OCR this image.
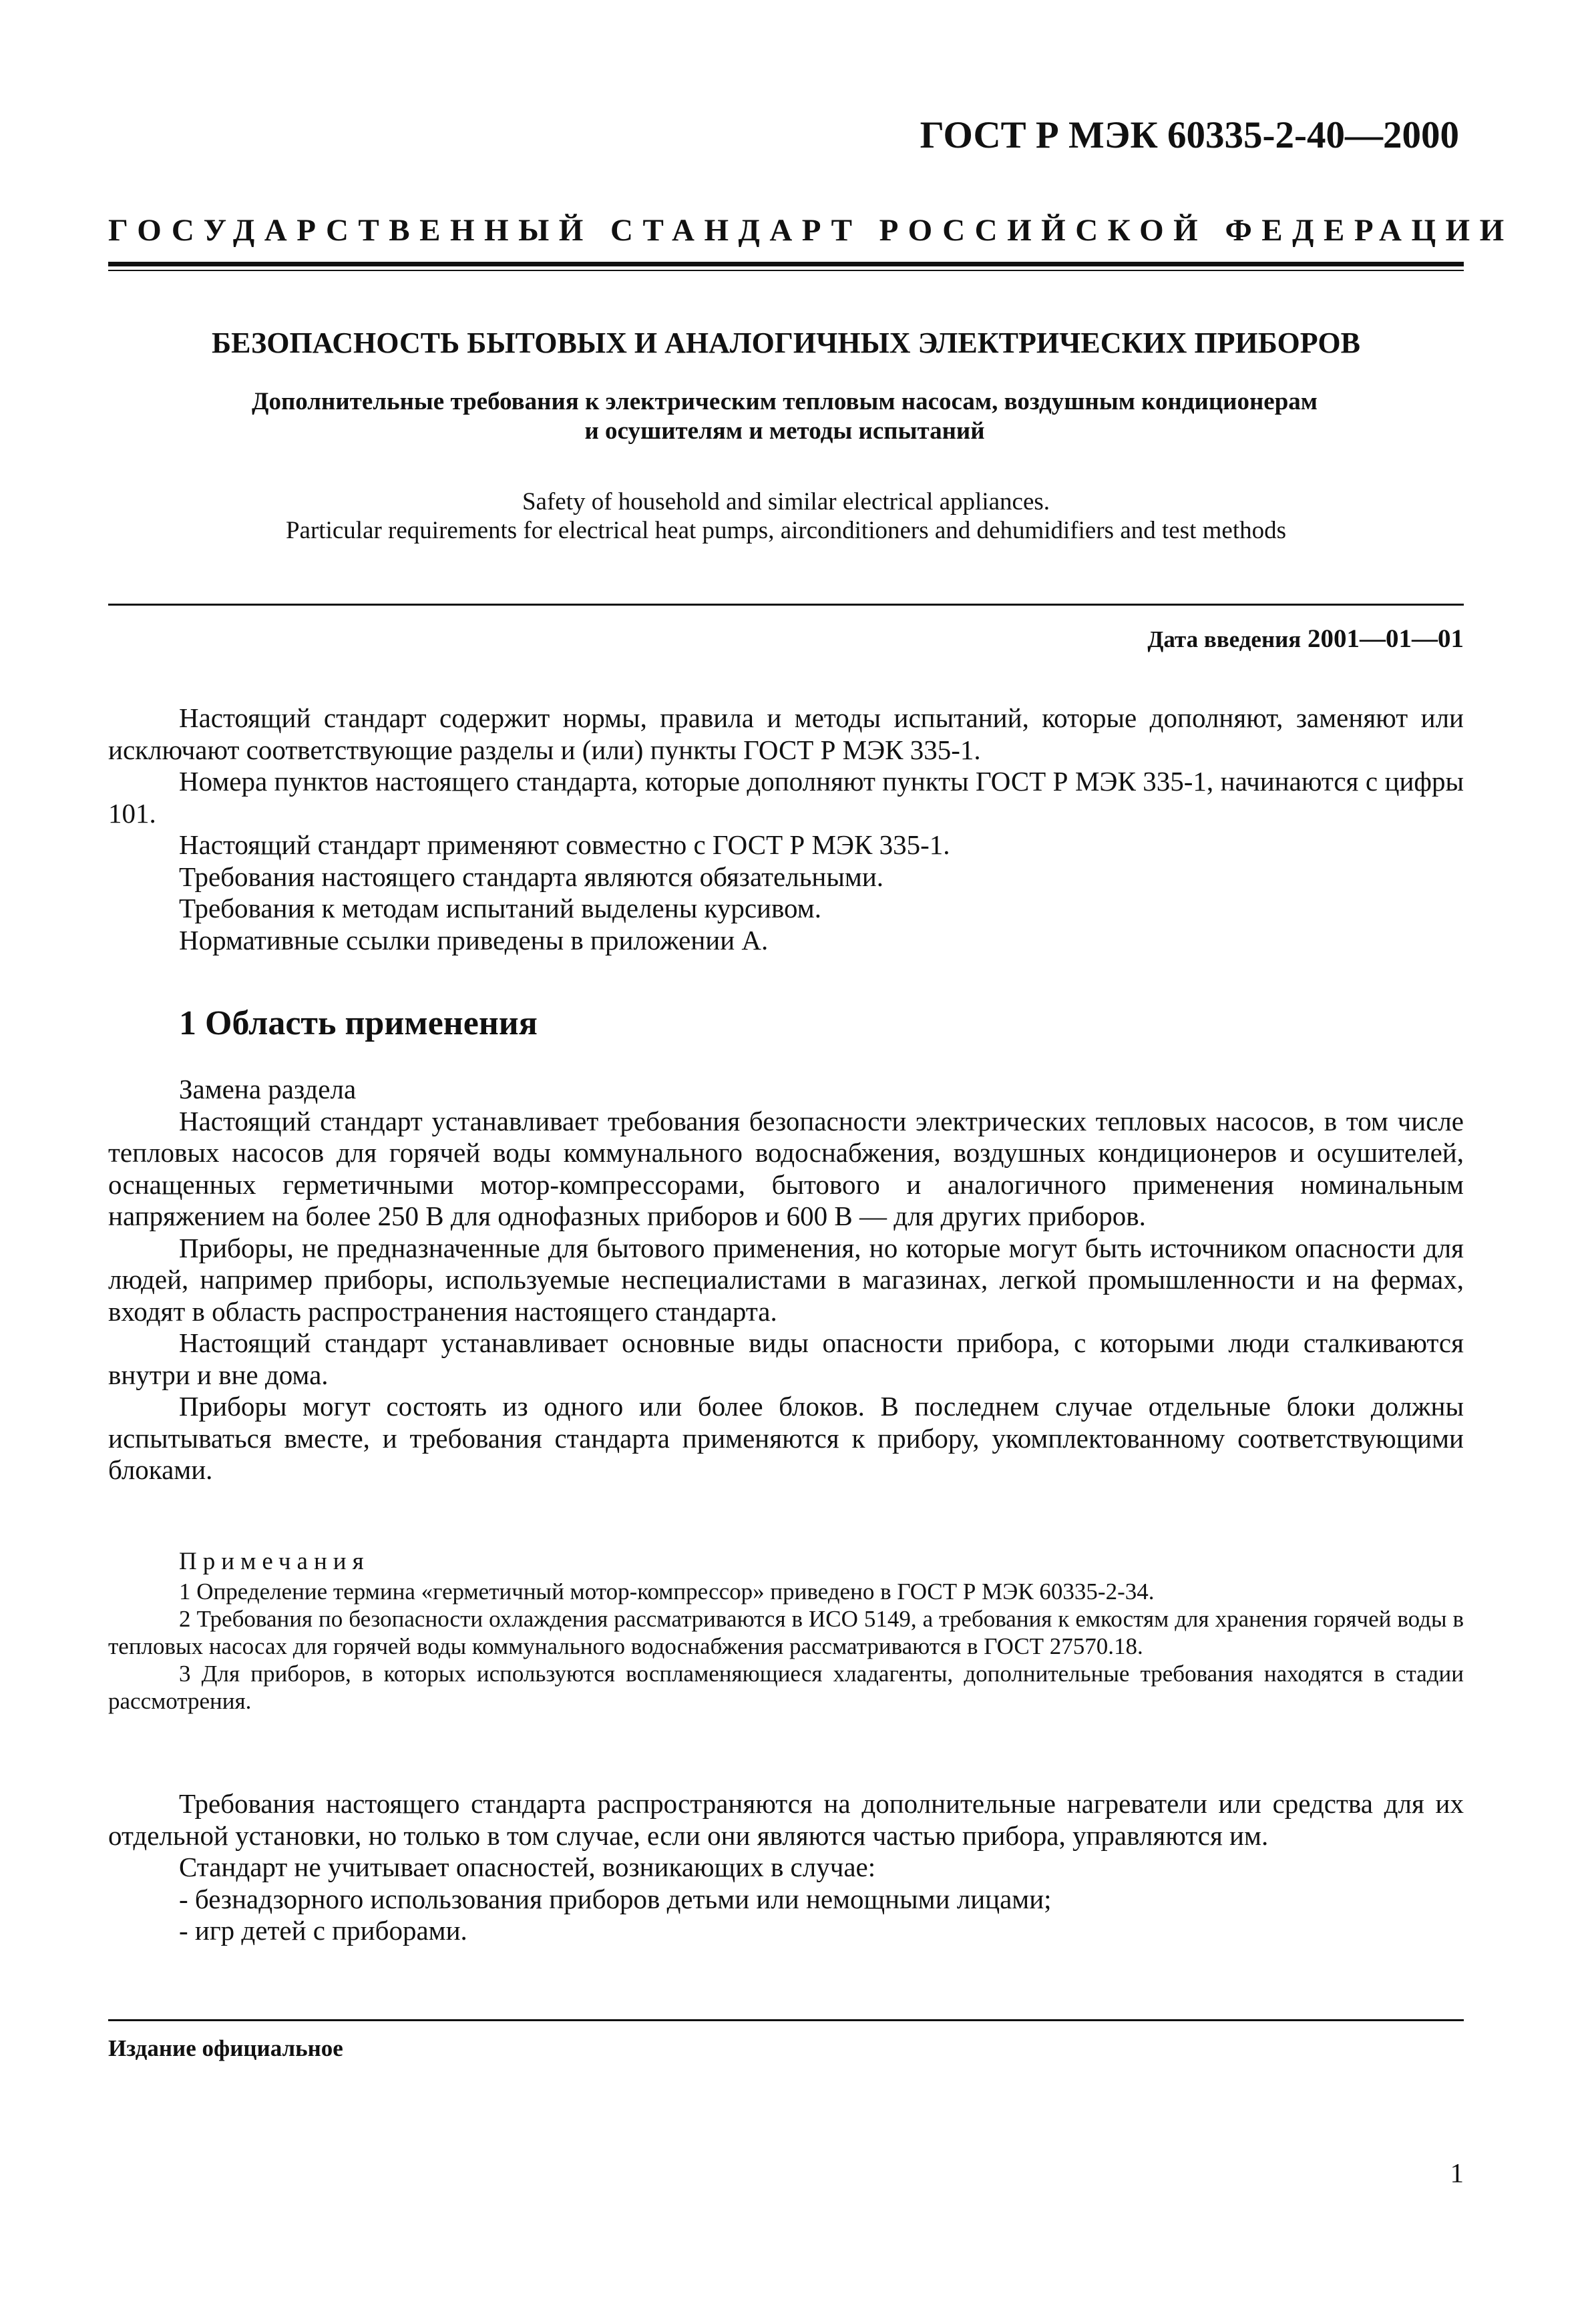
ГОСТ Р МЭК 60335-2-40—2000
ГОСУДАРСТВЕННЫЙ СТАНДАРТ РОССИЙСКОЙ ФЕДЕРАЦИИ
БЕЗОПАСНОСТЬ БЫТОВЫХ И АНАЛОГИЧНЫХ ЭЛЕКТРИЧЕСКИХ ПРИБОРОВ
Дополнительные требования к электрическим тепловым насосам, воздушным кондиционерам
и осушителям и методы испытаний
Safety of household and similar electrical appliances.
Particular requirements for electrical heat pumps, airconditioners and dehumidifiers and test methods
Дата введения 2001—01—01

Настоящий стандарт содержит нормы, правила и методы испытаний, которые дополняют, заменяют или исключают соответствующие разделы и (или) пункты ГОСТ Р МЭК 335-1.

Номера пунктов настоящего стандарта, которые дополняют пункты ГОСТ Р МЭК 335-1, начинаются с цифры 101.

Настоящий стандарт применяют совместно с ГОСТ Р МЭК 335-1.

Требования настоящего стандарта являются обязательными.

Требования к методам испытаний выделены курсивом.

Нормативные ссылки приведены в приложении А.

1 Область применения

Замена раздела

Настоящий стандарт устанавливает требования безопасности электрических тепловых насосов, в том числе тепловых насосов для горячей воды коммунального водоснабжения, воздушных кондиционеров и осушителей, оснащенных герметичными мотор-компрессорами, бытового и аналогичного применения номинальным напряжением на более 250 В для однофазных приборов и 600 В — для других приборов.

Приборы, не предназначенные для бытового применения, но которые могут быть источником опасности для людей, например приборы, используемые неспециалистами в магазинах, легкой промышленности и на фермах, входят в область распространения настоящего стандарта.

Настоящий стандарт устанавливает основные виды опасности прибора, с которыми люди сталкиваются внутри и вне дома.

Приборы могут состоять из одного или более блоков. В последнем случае отдельные блоки должны испытываться вместе, и требования стандарта применяются к прибору, укомплектованному соответствующими блоками.

Примечания

1 Определение термина «герметичный мотор-компрессор» приведено в ГОСТ Р МЭК 60335-2-34.

2 Требования по безопасности охлаждения рассматриваются в ИСО 5149, а требования к емкостям для хранения горячей воды в тепловых насосах для горячей воды коммунального водоснабжения рассматриваются в ГОСТ 27570.18.

3 Для приборов, в которых используются воспламеняющиеся хладагенты, дополнительные требования находятся в стадии рассмотрения.

Требования настоящего стандарта распространяются на дополнительные нагреватели или средства для их отдельной установки, но только в том случае, если они являются частью прибора, управляются им.

Стандарт не учитывает опасностей, возникающих в случае:

- безнадзорного использования приборов детьми или немощными лицами;

- игр детей с приборами.

Издание официальное
1
